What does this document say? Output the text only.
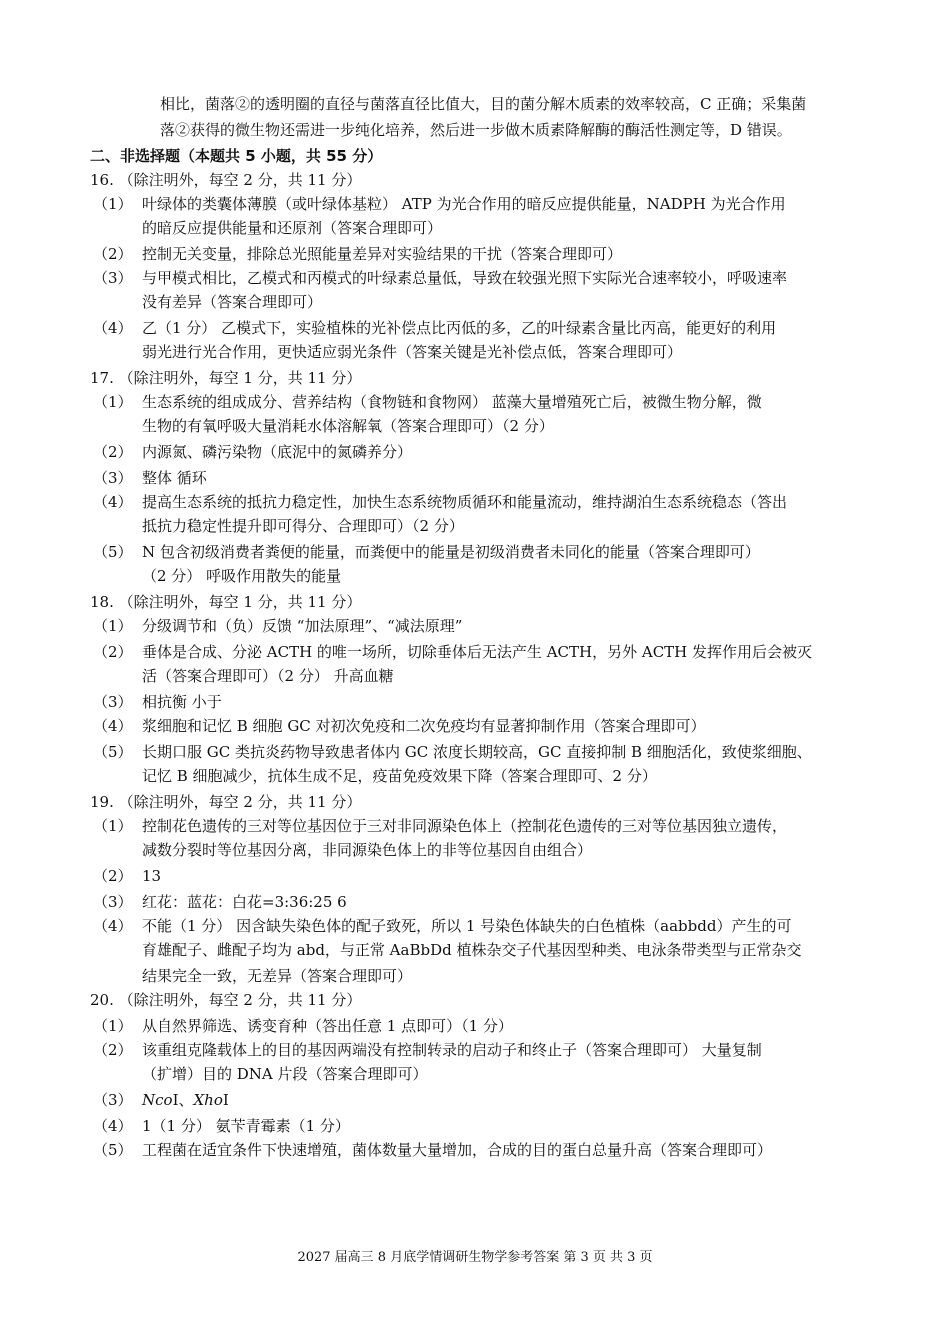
相比，菌落②的透明圈的直径与菌落直径比值大，目的菌分解木质素的效率较高，C 正确；采集菌
落②获得的微生物还需进一步纯化培养，然后进一步做木质素降解酶的酶活性测定等，D 错误。
二、非选择题（本题共 5 小题，共 55 分）
16. （除注明外，每空 2 分，共 11 分）
（1） 叶绿体的类囊体薄膜（或叶绿体基粒） ATP 为光合作用的暗反应提供能量，NADPH 为光合作用
的暗反应提供能量和还原剂（答案合理即可）
（2） 控制无关变量，排除总光照能量差异对实验结果的干扰（答案合理即可）
（3） 与甲模式相比，乙模式和丙模式的叶绿素总量低，导致在较强光照下实际光合速率较小，呼吸速率
没有差异（答案合理即可）
（4） 乙（1 分） 乙模式下，实验植株的光补偿点比丙低的多，乙的叶绿素含量比丙高，能更好的利用
弱光进行光合作用，更快适应弱光条件（答案关键是光补偿点低，答案合理即可）
17. （除注明外，每空 1 分，共 11 分）
（1） 生态系统的组成成分、营养结构（食物链和食物网） 蓝藻大量增殖死亡后，被微生物分解，微
生物的有氧呼吸大量消耗水体溶解氧（答案合理即可）（2 分）
（2） 内源氮、磷污染物（底泥中的氮磷养分）
（3） 整体 循环
（4） 提高生态系统的抵抗力稳定性，加快生态系统物质循环和能量流动，维持湖泊生态系统稳态（答出
抵抗力稳定性提升即可得分、合理即可）（2 分）
（5） N 包含初级消费者粪便的能量，而粪便中的能量是初级消费者未同化的能量（答案合理即可）
（2 分） 呼吸作用散失的能量
18. （除注明外，每空 1 分，共 11 分）
（1） 分级调节和（负）反馈 “加法原理”、“减法原理”
（2） 垂体是合成、分泌 ACTH 的唯一场所，切除垂体后无法产生 ACTH，另外 ACTH 发挥作用后会被灭
活（答案合理即可）（2 分） 升高血糖
（3） 相抗衡 小于
（4） 浆细胞和记忆 B 细胞 GC 对初次免疫和二次免疫均有显著抑制作用（答案合理即可）
（5） 长期口服 GC 类抗炎药物导致患者体内 GC 浓度长期较高，GC 直接抑制 B 细胞活化，致使浆细胞、
记忆 B 细胞减少，抗体生成不足，疫苗免疫效果下降（答案合理即可、2 分）
19. （除注明外，每空 2 分，共 11 分）
（1） 控制花色遗传的三对等位基因位于三对非同源染色体上（控制花色遗传的三对等位基因独立遗传，
减数分裂时等位基因分离，非同源染色体上的非等位基因自由组合）
（2） 13
（3） 红花：蓝花：白花=3:36:25 6
（4） 不能（1 分） 因含缺失染色体的配子致死，所以 1 号染色体缺失的白色植株（aabbdd）产生的可
育雄配子、雌配子均为 abd，与正常 AaBbDd 植株杂交子代基因型种类、电泳条带类型与正常杂交
结果完全一致，无差异（答案合理即可）
20. （除注明外，每空 2 分，共 11 分）
（1） 从自然界筛选、诱变育种（答出任意 1 点即可）（1 分）
（2） 该重组克隆载体上的目的基因两端没有控制转录的启动子和终止子（答案合理即可） 大量复制
（扩增）目的 DNA 片段（答案合理即可）
（3） NcoⅠ、XhoⅠ
（4） 1（1 分） 氨苄青霉素（1 分）
（5） 工程菌在适宜条件下快速增殖，菌体数量大量增加，合成的目的蛋白总量升高（答案合理即可）
2027 届高三 8 月底学情调研生物学参考答案 第 3 页 共 3 页
